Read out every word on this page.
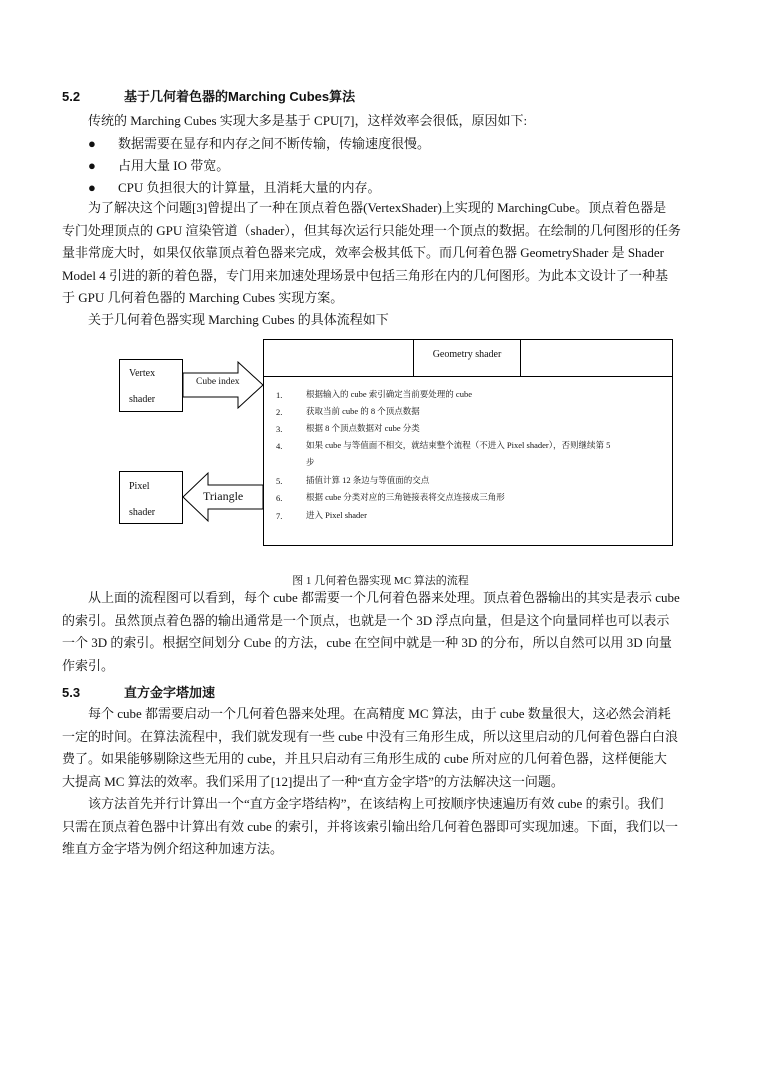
5.2	基于几何着色器的Marching Cubes算法
传统的 Marching Cubes 实现大多是基于 CPU[7]，这样效率会很低，原因如下:
● 数据需要在显存和内存之间不断传输，传输速度很慢。
● 占用大量 IO 带宽。
● CPU 负担很大的计算量，且消耗大量的内存。
为了解决这个问题[3]曾提出了一种在顶点着色器(VertexShader)上实现的 MarchingCube。顶点着色器是
专门处理顶点的 GPU 渲染管道（shader），但其每次运行只能处理一个顶点的数据。在绘制的几何图形的任务
量非常庞大时，如果仅依靠顶点着色器来完成，效率会极其低下。而几何着色器 GeometryShader 是 Shader
Model 4 引进的新的着色器，专门用来加速处理场景中包括三角形在内的几何图形。为此本文设计了一种基
于 GPU 几何着色器的 Marching Cubes 实现方案。
关于几何着色器实现 Marching Cubes 的具体流程如下
Geometry shader
Vertex
shader
Pixel
shader
Cube index
Triangle
1.	根据输入的 cube 索引确定当前要处理的 cube
2.	获取当前 cube 的 8 个顶点数据
3.	根据 8 个顶点数据对 cube 分类
4.	如果 cube 与等值面不相交，就结束整个流程（不进入 Pixel shader），否则继续第 5
步
5.	插值计算 12 条边与等值面的交点
6.	根据 cube 分类对应的三角链接表将交点连接成三角形
7.	进入 Pixel shader
图 1 几何着色器实现 MC 算法的流程
从上面的流程图可以看到，每个 cube 都需要一个几何着色器来处理。顶点着色器输出的其实是表示 cube
的索引。虽然顶点着色器的输出通常是一个顶点，也就是一个 3D 浮点向量，但是这个向量同样也可以表示
一个 3D 的索引。根据空间划分 Cube 的方法，cube 在空间中就是一种 3D 的分布，所以自然可以用 3D 向量
作索引。
5.3	直方金字塔加速
每个 cube 都需要启动一个几何着色器来处理。在高精度 MC 算法，由于 cube 数量很大，这必然会消耗
一定的时间。在算法流程中，我们就发现有一些 cube 中没有三角形生成，所以这里启动的几何着色器白白浪
费了。如果能够剔除这些无用的 cube，并且只启动有三角形生成的 cube 所对应的几何着色器，这样便能大
大提高 MC 算法的效率。我们采用了[12]提出了一种“直方金字塔”的方法解决这一问题。
该方法首先并行计算出一个“直方金字塔结构”，在该结构上可按顺序快速遍历有效 cube 的索引。我们
只需在顶点着色器中计算出有效 cube 的索引，并将该索引输出给几何着色器即可实现加速。下面，我们以一
维直方金字塔为例介绍这种加速方法。
